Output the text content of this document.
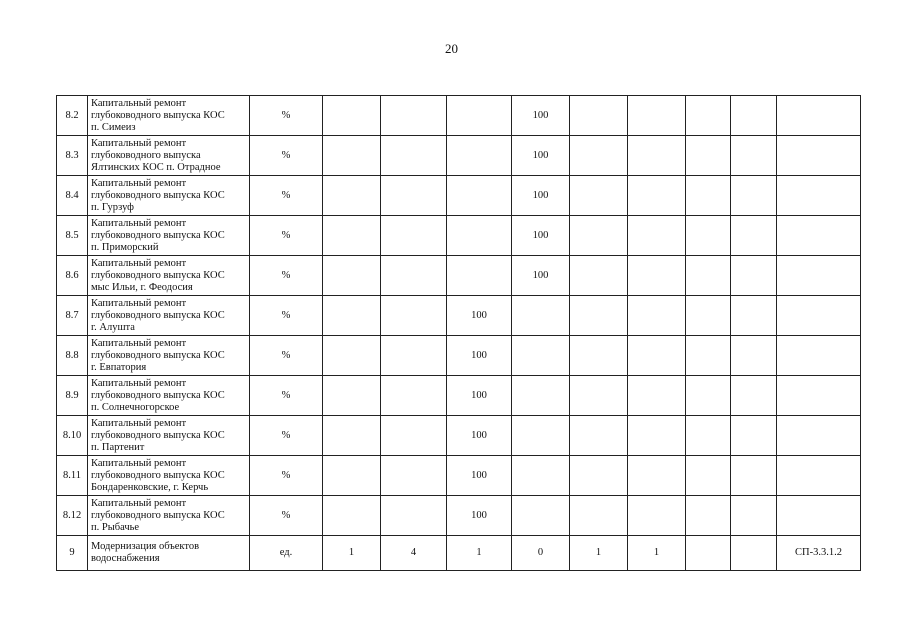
20
8.2	Капитальный ремонт
глубоководного выпуска КОС
п. Симеиз	%				100					
8.3	Капитальный ремонт
глубоководного выпуска
Ялтинских КОС п. Отрадное	%				100					
8.4	Капитальный ремонт
глубоководного выпуска КОС
п. Гурзуф	%				100					
8.5	Капитальный ремонт
глубоководного выпуска КОС
п. Приморский	%				100					
8.6	Капитальный ремонт
глубоководного выпуска КОС
мыс Ильи, г. Феодосия	%				100					
8.7	Капитальный ремонт
глубоководного выпуска КОС
г. Алушта	%			100						
8.8	Капитальный ремонт
глубоководного выпуска КОС
г. Евпатория	%			100						
8.9	Капитальный ремонт
глубоководного выпуска КОС
п. Солнечногорское	%			100						
8.10	Капитальный ремонт
глубоководного выпуска КОС
п. Партенит	%			100						
8.11	Капитальный ремонт
глубоководного выпуска КОС
Бондаренковские, г. Керчь	%			100						
8.12	Капитальный ремонт
глубоководного выпуска КОС
п. Рыбачье	%			100						
9	Модернизация объектов
водоснабжения	ед.	1	4	1	0	1	1			СП-3.3.1.2
